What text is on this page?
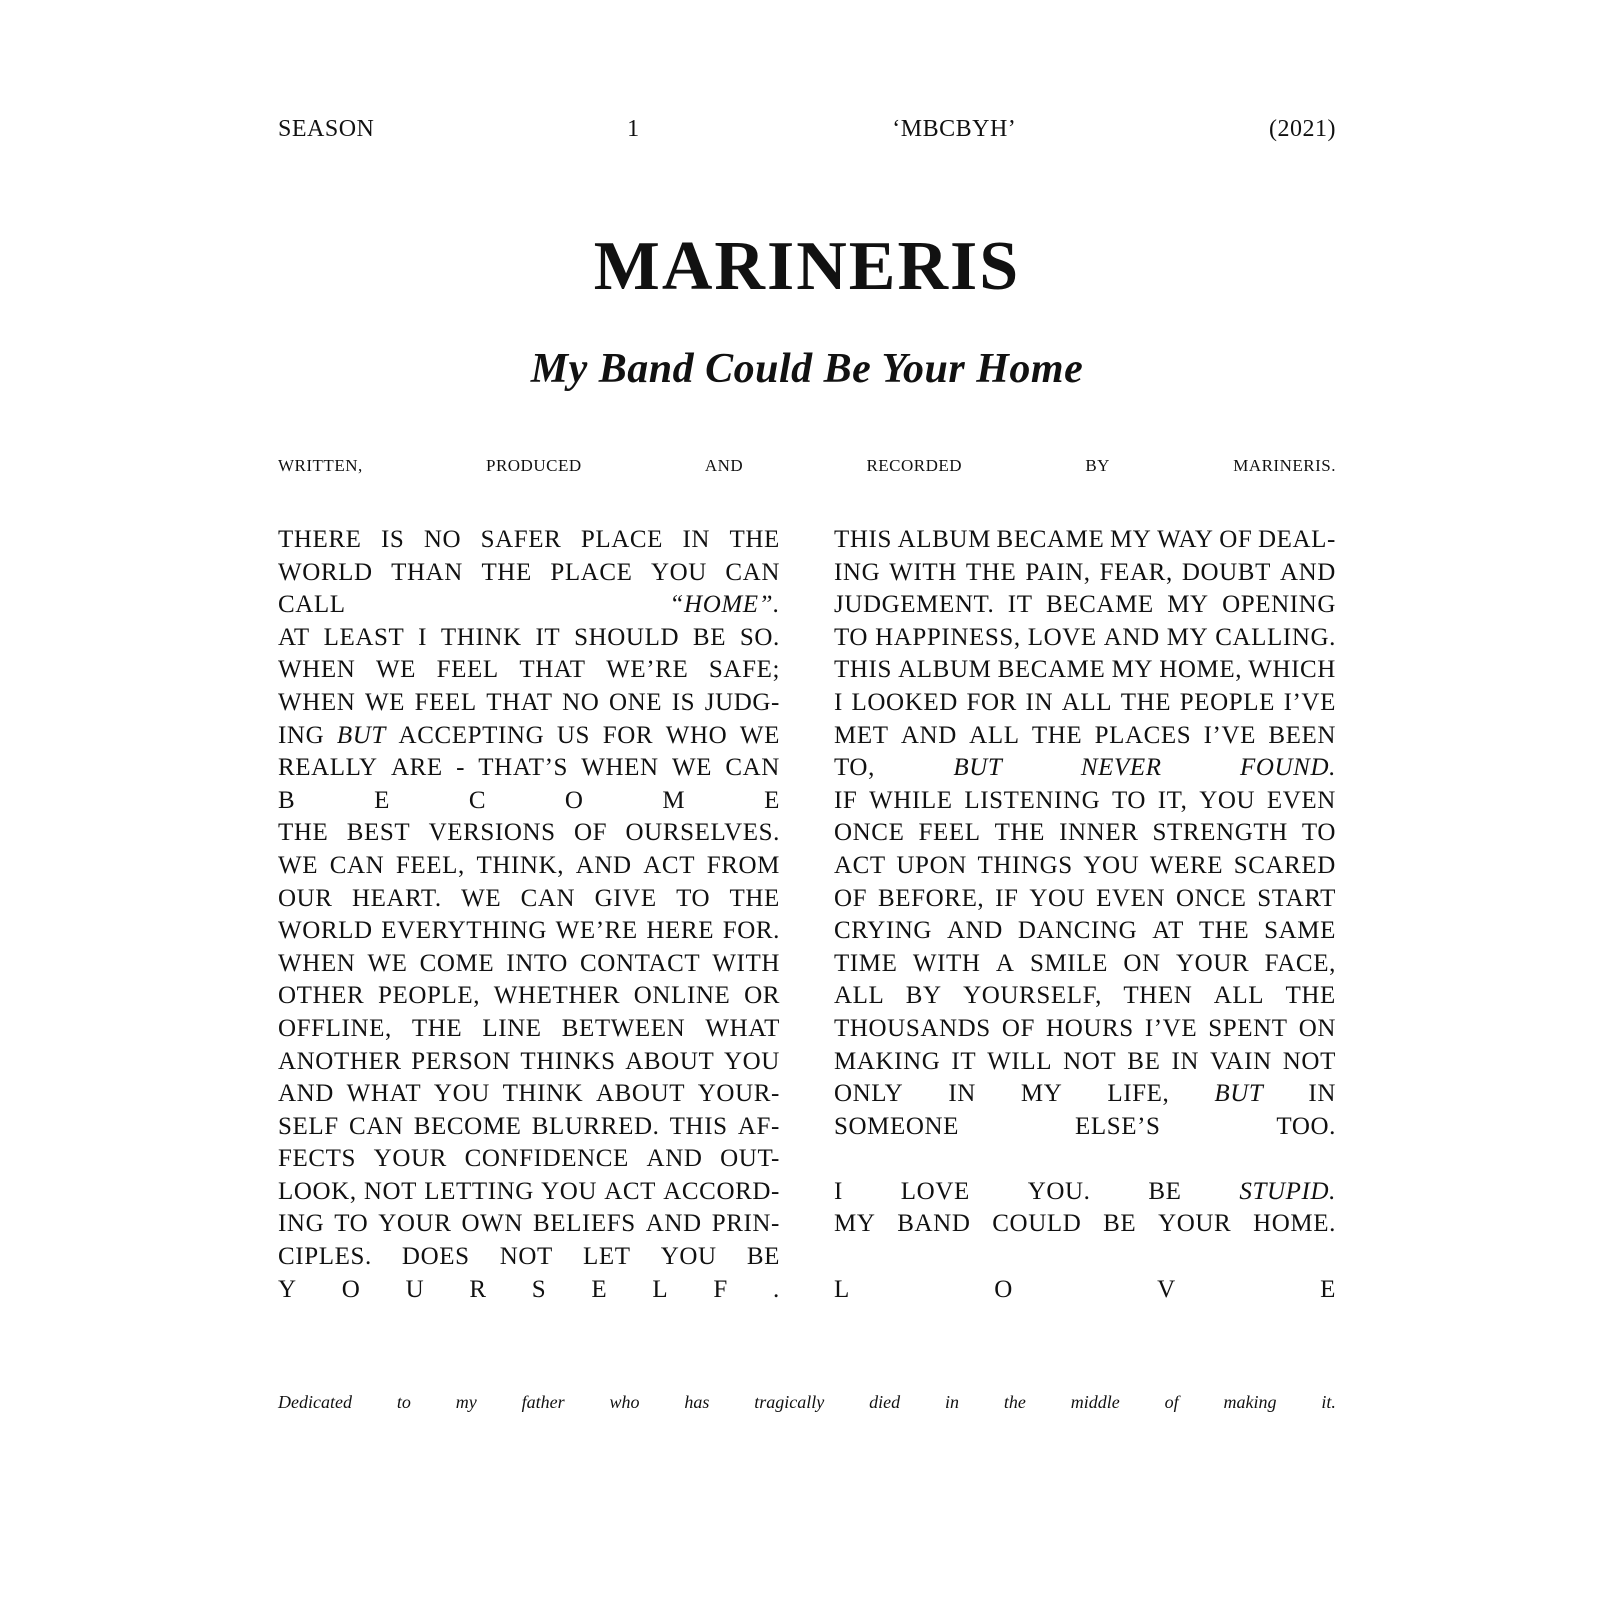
SEASON	1	‘MBCBYH’	(2021)
MARINERIS
My Band Could Be Your Home
WRITTEN,	PRODUCED	AND	RECORDED	BY	MARINERIS.
THERE IS NO SAFER PLACE IN THE
WORLD THAN THE PLACE YOU CAN
CALL	“HOME”.
AT LEAST I THINK IT SHOULD BE SO.
WHEN WE FEEL THAT WE’RE SAFE;
WHEN WE FEEL THAT NO ONE IS JUDG-
ING BUT ACCEPTING US FOR WHO WE
REALLY ARE - THAT’S WHEN WE CAN
B	E	C	O	M	E
THE BEST VERSIONS OF OURSELVES.
WE CAN FEEL, THINK, AND ACT FROM
OUR HEART. WE CAN GIVE TO THE
WORLD EVERYTHING WE’RE HERE FOR.
WHEN WE COME INTO CONTACT WITH
OTHER PEOPLE, WHETHER ONLINE OR
OFFLINE, THE LINE BETWEEN WHAT
ANOTHER PERSON THINKS ABOUT YOU
AND WHAT YOU THINK ABOUT YOUR-
SELF CAN BECOME BLURRED. THIS AF-
FECTS YOUR CONFIDENCE AND OUT-
LOOK, NOT LETTING YOU ACT ACCORD-
ING TO YOUR OWN BELIEFS AND PRIN-
CIPLES. DOES NOT LET YOU BE
Y O U R S E L F .
THIS ALBUM BECAME MY WAY OF DEAL-
ING WITH THE PAIN, FEAR, DOUBT AND
JUDGEMENT. IT BECAME MY OPENING
TO HAPPINESS, LOVE AND MY CALLING.
THIS ALBUM BECAME MY HOME, WHICH
I LOOKED FOR IN ALL THE PEOPLE I’VE
MET AND ALL THE PLACES I’VE BEEN
TO,	BUT	NEVER	FOUND.
IF WHILE LISTENING TO IT, YOU EVEN
ONCE FEEL THE INNER STRENGTH TO
ACT UPON THINGS YOU WERE SCARED
OF BEFORE, IF YOU EVEN ONCE START
CRYING AND DANCING AT THE SAME
TIME WITH A SMILE ON YOUR FACE,
ALL BY YOURSELF, THEN ALL THE
THOUSANDS OF HOURS I’VE SPENT ON
MAKING IT WILL NOT BE IN VAIN NOT
ONLY IN MY LIFE, BUT IN
SOMEONE	ELSE’S	TOO.
I LOVE YOU. BE STUPID.
MY BAND COULD BE YOUR HOME.
L	O	V	E
Dedicated to my father who has tragically died in the middle of making it.
